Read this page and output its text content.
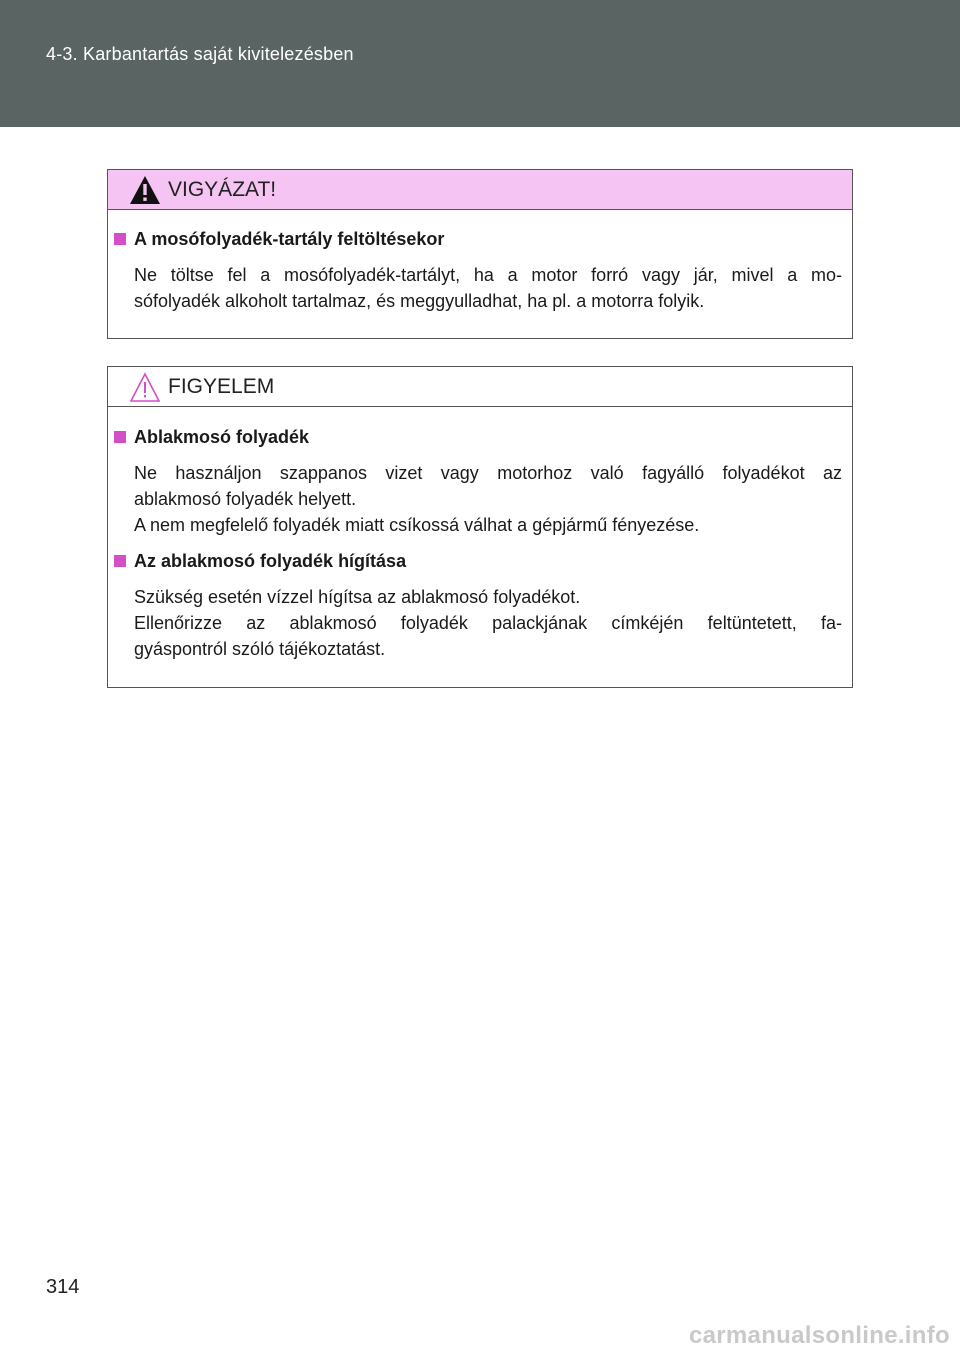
4-3. Karbantartás saját kivitelezésben
VIGYÁZAT!
A mosófolyadék-tartály feltöltésekor
Ne töltse fel a mosófolyadék-tartályt, ha a motor forró vagy jár, mivel a mo-
sófolyadék alkoholt tartalmaz, és meggyulladhat, ha pl. a motorra folyik.
FIGYELEM
Ablakmosó folyadék
Ne használjon szappanos vizet vagy motorhoz való fagyálló folyadékot az
ablakmosó folyadék helyett.
A nem megfelelő folyadék miatt csíkossá válhat a gépjármű fényezése.
Az ablakmosó folyadék hígítása
Szükség esetén vízzel hígítsa az ablakmosó folyadékot.
Ellenőrizze az ablakmosó folyadék palackjának címkéjén feltüntetett, fa-
gyáspontról szóló tájékoztatást.
314
carmanualsonline.info
